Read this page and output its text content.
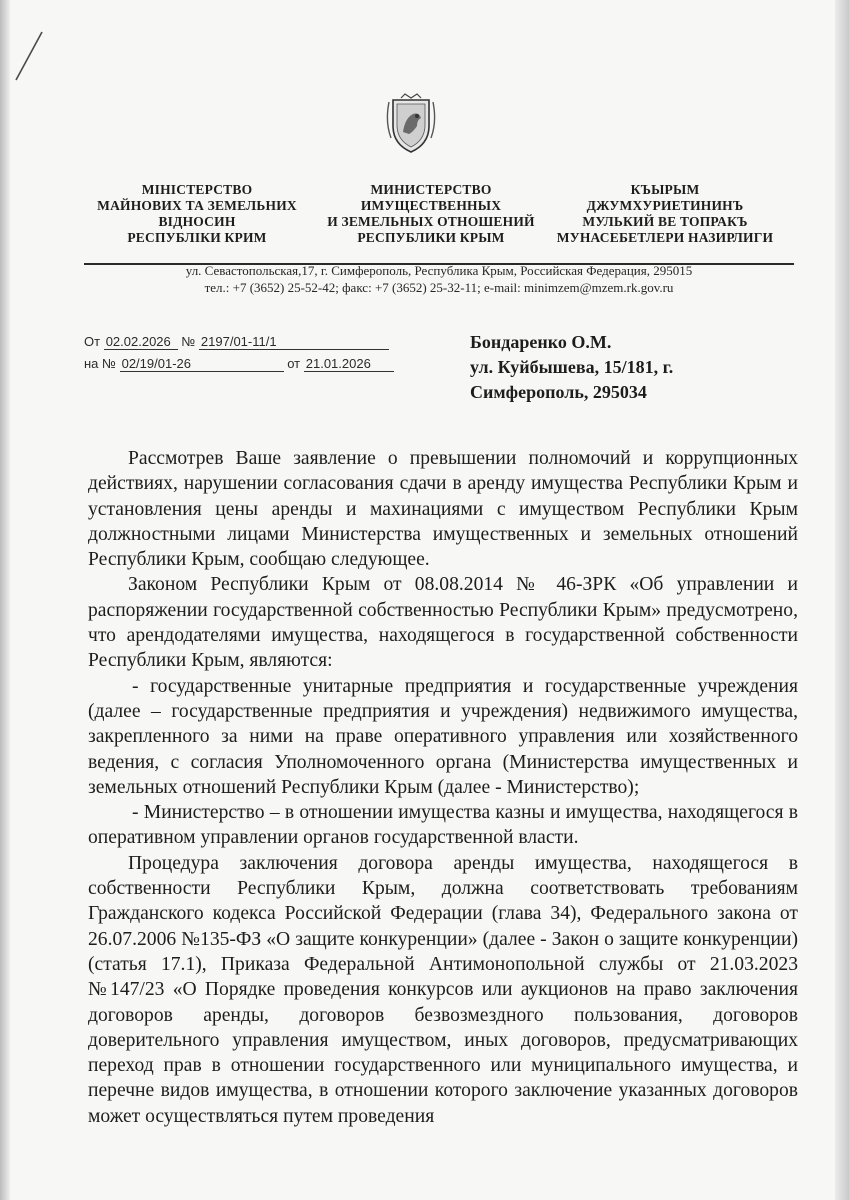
МІНІСТЕРСТВО
МАЙНОВИХ ТА ЗЕМЕЛЬНИХ
ВІДНОСИН
РЕСПУБЛІКИ КРИМ
МИНИСТЕРСТВО
ИМУЩЕСТВЕННЫХ
И ЗЕМЕЛЬНЫХ ОТНОШЕНИЙ
РЕСПУБЛИКИ КРЫМ
КЪЫРЫМ
ДЖУМХУРИЕТИНИНЪ
МУЛЬКИЙ ВЕ ТОПРАКЪ
МУНАСЕБЕТЛЕРИ НАЗИРЛИГИ
ул. Севастопольская,17, г. Симферополь, Республика Крым, Российская Федерация, 295015
тел.: +7 (3652) 25-52-42; факс: +7 (3652) 25-32-11; e-mail: minimzem@mzem.rk.gov.ru
От 02.02.2026 № 2197/01-11/1
на № 02/19/01-26	от 21.01.2026
Бондаренко О.М.
ул. Куйбышева, 15/181, г.
Симферополь, 295034

Рассмотрев Ваше заявление о превышении полномочий и коррупционных действиях, нарушении согласования сдачи в аренду имущества Республики Крым и установления цены аренды и махинациями с имуществом Республики Крым должностными лицами Министерства имущественных и земельных отношений Республики Крым, сообщаю следующее.

Законом Республики Крым от 08.08.2014 № 46-ЗРК «Об управлении и распоряжении государственной собственностью Республики Крым» предусмотрено, что арендодателями имущества, находящегося в государственной собственности Республики Крым, являются:

- государственные унитарные предприятия и государственные учреждения (далее – государственные предприятия и учреждения) недвижимого имущества, закрепленного за ними на праве оперативного управления или хозяйственного ведения, с согласия Уполномоченного органа (Министерства имущественных и земельных отношений Республики Крым (далее - Министерство);

- Министерство – в отношении имущества казны и имущества, находящегося в оперативном управлении органов государственной власти.

Процедура заключения договора аренды имущества, находящегося в собственности Республики Крым, должна соответствовать требованиям Гражданского кодекса Российской Федерации (глава 34), Федерального закона от 26.07.2006 №135-ФЗ «О защите конкуренции» (далее - Закон о защите конкуренции) (статья 17.1), Приказа Федеральной Антимонопольной службы от 21.03.2023 №147/23 «О Порядке проведения конкурсов или аукционов на право заключения договоров аренды, договоров безвозмездного пользования, договоров доверительного управления имуществом, иных договоров, предусматривающих переход прав в отношении государственного или муниципального имущества, и перечне видов имущества, в отношении которого заключение указанных договоров может осуществляться путем проведения
